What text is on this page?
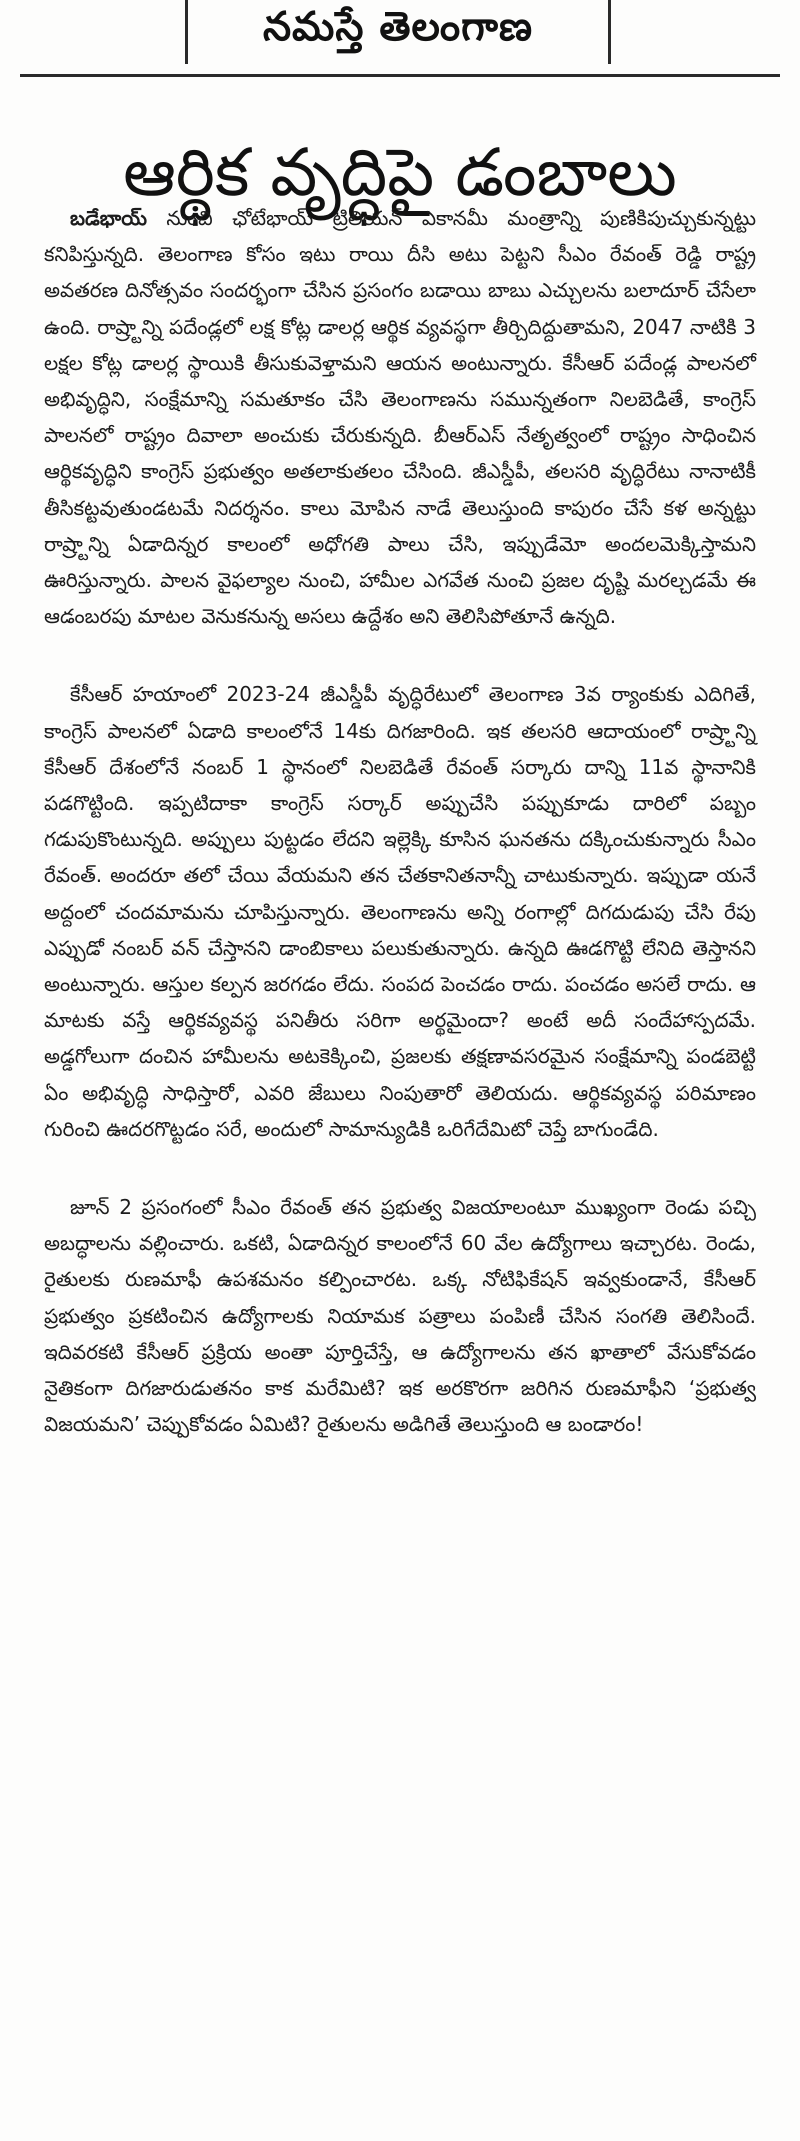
నమస్తే తెలంగాణ
ఆర్థిక వృద్ధిపై డంబాలు

బడేభాయ్ నుంచి ఛోటేభాయ్ ట్రిలియన్ ఎకానమీ మంత్రాన్ని పుణికిపుచ్చుకున్నట్టు కనిపిస్తున్నది. తెలంగాణ కోసం ఇటు రాయి దీసి అటు పెట్టని సీఎం రేవంత్ రెడ్డి రాష్ట్ర అవతరణ దినోత్సవం సందర్భంగా చేసిన ప్రసంగం బడాయి బాబు ఎచ్చులను బలాదూర్ చేసేలా ఉంది. రాష్ర్టాన్ని పదేండ్లలో లక్ష కోట్ల డాలర్ల ఆర్థిక వ్యవస్థగా తీర్చిదిద్దుతామని, 2047 నాటికి 3 లక్షల కోట్ల డాలర్ల స్థాయికి తీసుకువెళ్తామని ఆయన అంటున్నారు. కేసీఆర్ పదేండ్ల పాలనలో అభివృద్ధిని, సంక్షేమాన్ని సమతూకం చేసి తెలంగాణను సమున్నతంగా నిలబెడితే, కాంగ్రెస్ పాలనలో రాష్ట్రం దివాలా అంచుకు చేరుకున్నది. బీఆర్ఎస్ నేతృత్వంలో రాష్ట్రం సాధించిన ఆర్థికవృద్ధిని కాంగ్రెస్ ప్రభుత్వం అతలాకుతలం చేసింది. జీఎస్డీపీ, తలసరి వృద్ధిరేటు నానాటికీ తీసికట్టవుతుండటమే నిదర్శనం. కాలు మోపిన నాడే తెలుస్తుంది కాపురం చేసే కళ అన్నట్టు రాష్ర్టాన్ని ఏడాదిన్నర కాలంలో అధోగతి పాలు చేసి, ఇప్పుడేమో అందలమెక్కిస్తామని ఊరిస్తున్నారు. పాలన వైఫల్యాల నుంచి, హామీల ఎగవేత నుంచి ప్రజల దృష్టి మరల్చడమే ఈ ఆడంబరపు మాటల వెనుకనున్న అసలు ఉద్దేశం అని తెలిసిపోతూనే ఉన్నది.

కేసీఆర్ హయాంలో 2023-24 జీఎస్డీపీ వృద్ధిరేటులో తెలంగాణ 3వ ర్యాంకుకు ఎదిగితే, కాంగ్రెస్ పాలనలో ఏడాది కాలంలోనే 14కు దిగజారింది. ఇక తలసరి ఆదాయంలో రాష్ర్టాన్ని కేసీఆర్ దేశంలోనే నంబర్ 1 స్థానంలో నిలబెడితే రేవంత్ సర్కారు దాన్ని 11వ స్థానానికి పడగొట్టింది. ఇప్పటిదాకా కాంగ్రెస్ సర్కార్ అప్పుచేసి పప్పుకూడు దారిలో పబ్బం గడుపుకొంటున్నది. అప్పులు పుట్టడం లేదని ఇల్లెక్కి కూసిన ఘనతను దక్కించుకున్నారు సీఎం రేవంత్. అందరూ తలో చేయి వేయమని తన చేతకానితనాన్నీ చాటుకున్నారు. ఇప్పుడా యనే అద్దంలో చందమామను చూపిస్తున్నారు. తెలంగాణను అన్ని రంగాల్లో దిగదుడుపు చేసి రేపు ఎప్పుడో నంబర్ వన్ చేస్తానని డాంబికాలు పలుకుతున్నారు. ఉన్నది ఊడగొట్టి లేనిది తెస్తానని అంటున్నారు. ఆస్తుల కల్పన జరగడం లేదు. సంపద పెంచడం రాదు. పంచడం అసలే రాదు. ఆ మాటకు వస్తే ఆర్థికవ్యవస్థ పనితీరు సరిగా అర్థమైందా? అంటే అదీ సందేహాస్పదమే. అడ్డగోలుగా దంచిన హామీలను అటకెక్కించి, ప్రజలకు తక్షణావసరమైన సంక్షేమాన్ని పండబెట్టి ఏం అభివృద్ధి సాధిస్తారో, ఎవరి జేబులు నింపుతారో తెలియదు. ఆర్థికవ్యవస్థ పరిమాణం గురించి ఊదరగొట్టడం సరే, అందులో సామాన్యుడికి ఒరిగేదేమిటో చెప్తే బాగుండేది.

జూన్ 2 ప్రసంగంలో సీఎం రేవంత్ తన ప్రభుత్వ విజయాలంటూ ముఖ్యంగా రెండు పచ్చి అబద్ధాలను వల్లించారు. ఒకటి, ఏడాదిన్నర కాలంలోనే 60 వేల ఉద్యోగాలు ఇచ్చారట. రెండు, రైతులకు రుణమాఫీ ఉపశమనం కల్పించారట. ఒక్క నోటిఫికేషన్ ఇవ్వకుండానే, కేసీఆర్ ప్రభుత్వం ప్రకటించిన ఉద్యోగాలకు నియామక పత్రాలు పంపిణీ చేసిన సంగతి తెలిసిందే. ఇదివరకటి కేసీఆర్ ప్రక్రియ అంతా పూర్తిచేస్తే, ఆ ఉద్యోగాలను తన ఖాతాలో వేసుకోవడం నైతికంగా దిగజారుడుతనం కాక మరేమిటి? ఇక అరకొరగా జరిగిన రుణమాఫీని ‘ప్రభుత్వ విజయమని’ చెప్పుకోవడం ఏమిటి? రైతులను అడిగితే తెలుస్తుంది ఆ బండారం!
